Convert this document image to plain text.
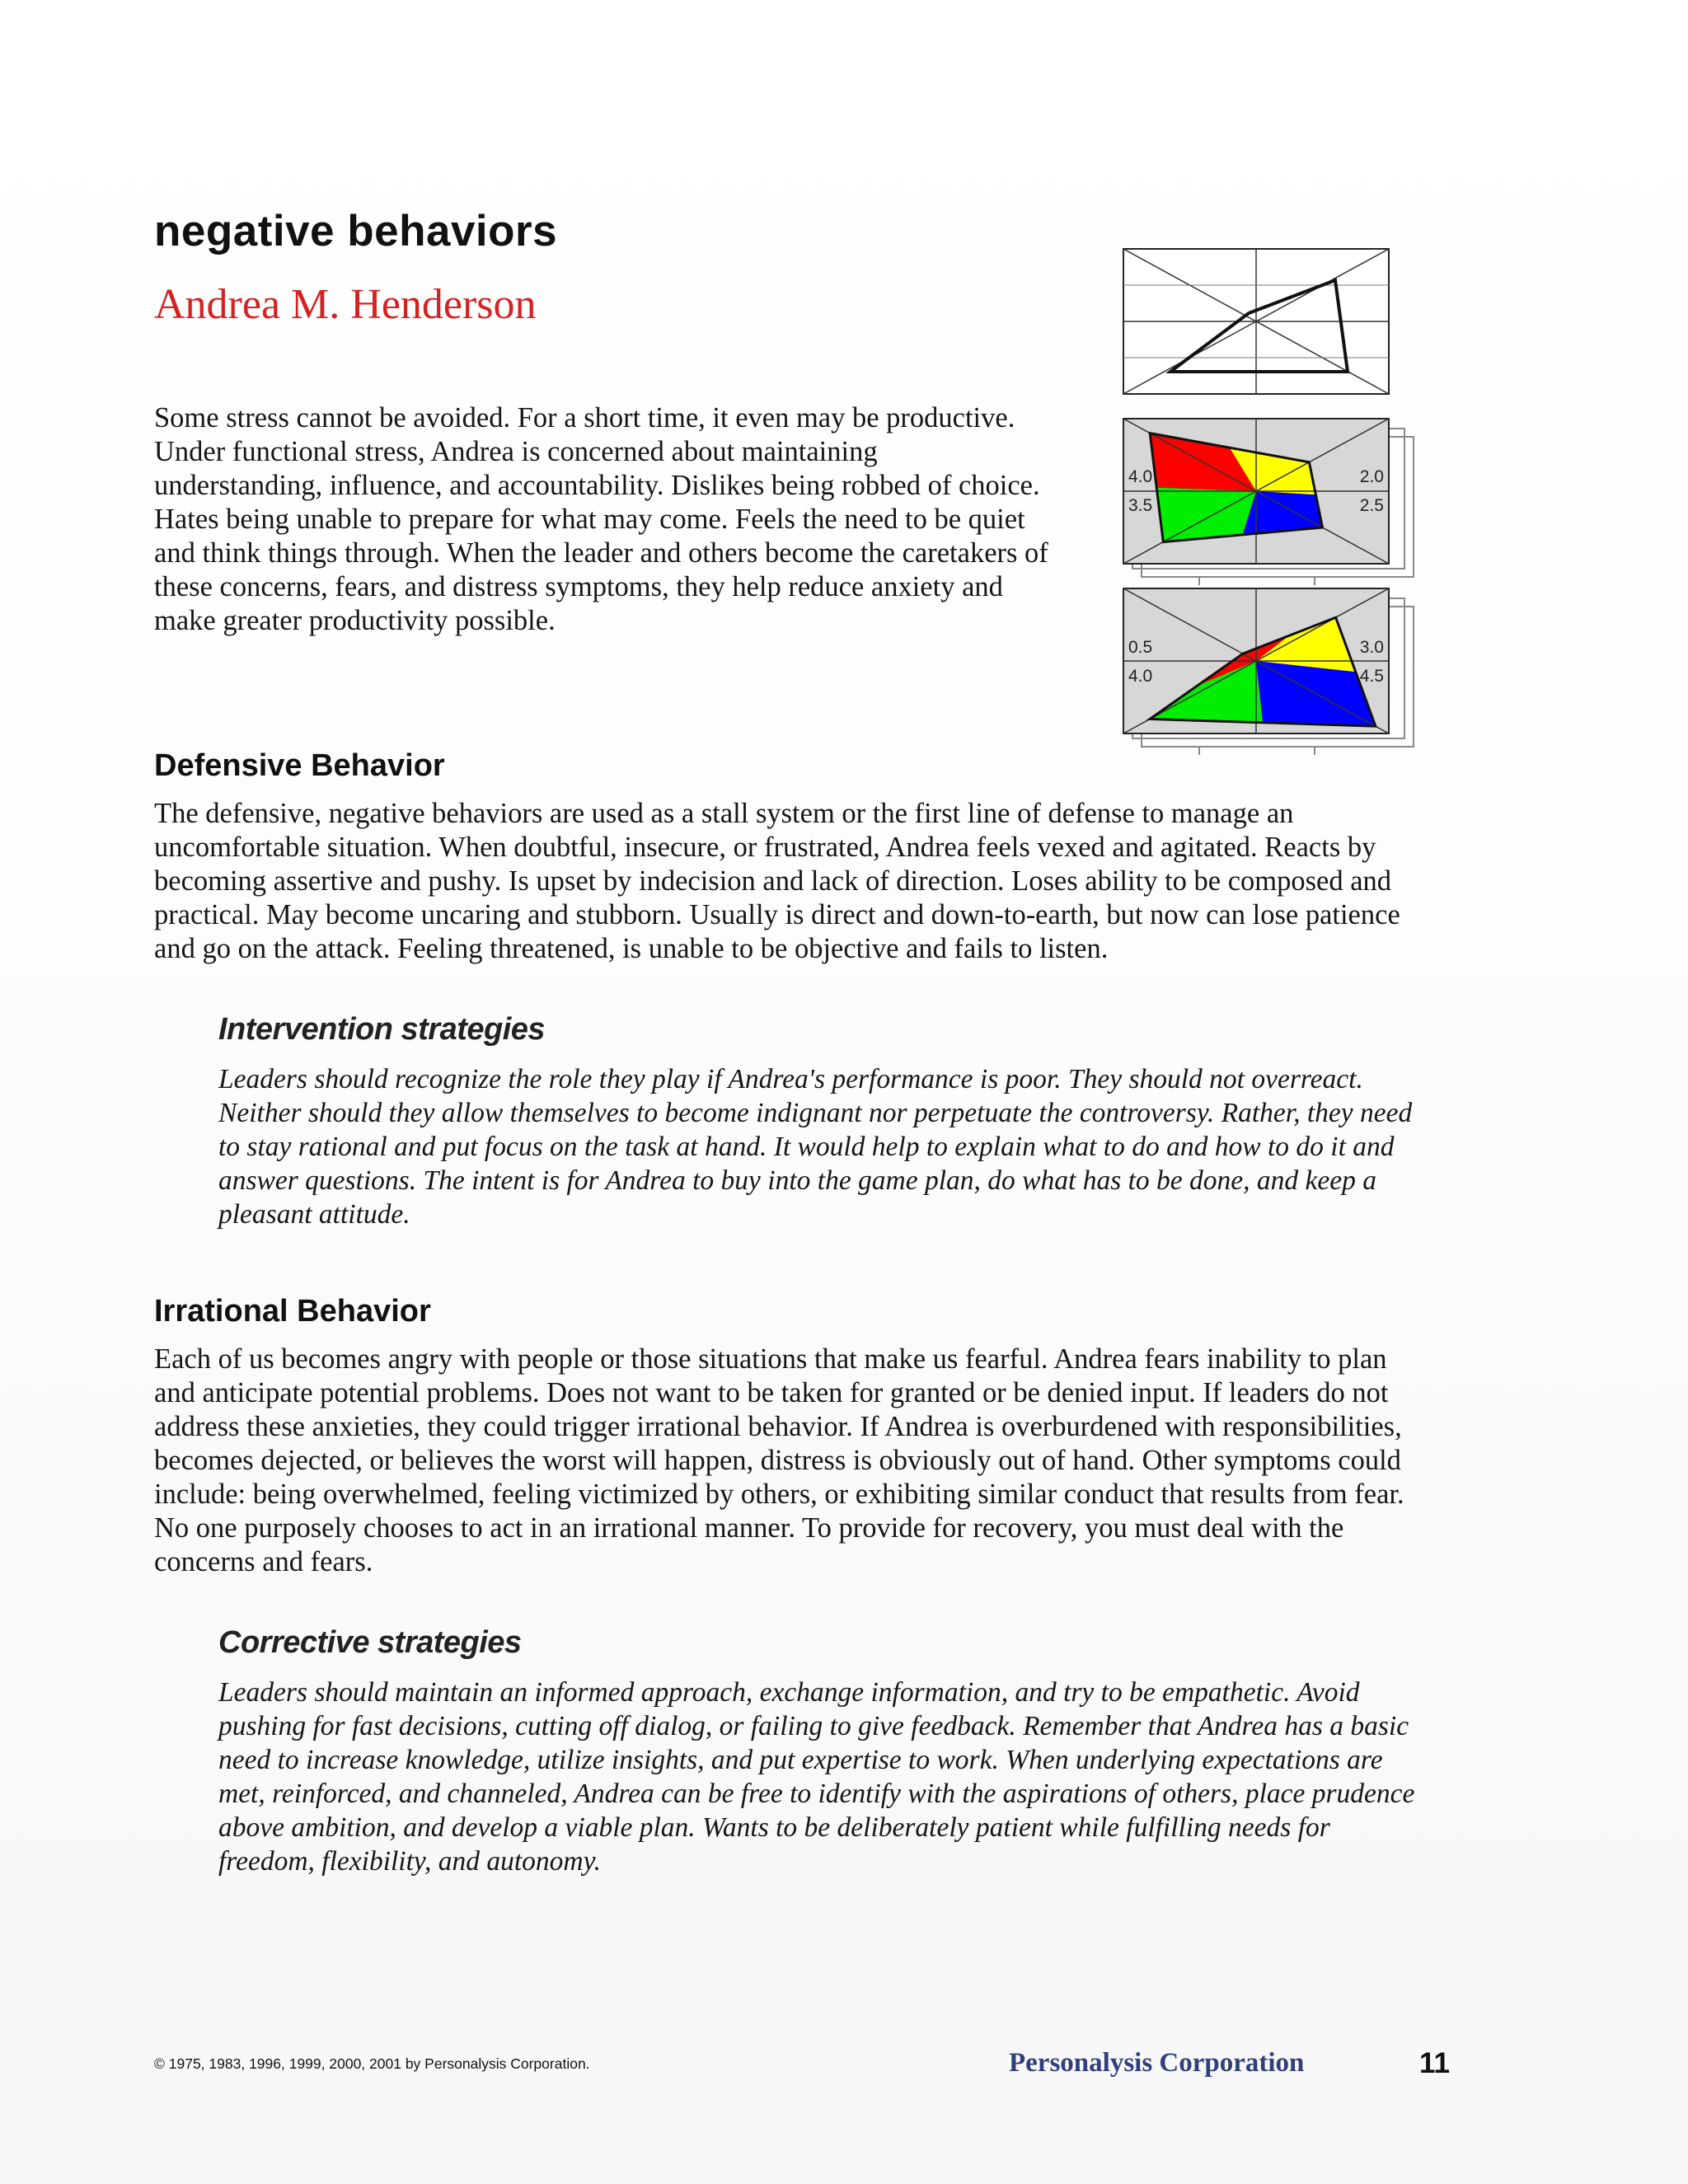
negative behaviors
Andrea M. Henderson

Some stress cannot be avoided. For a short time, it even may be productive. Under functional stress, Andrea is concerned about maintaining understanding, influence, and accountability. Dislikes being robbed of choice. Hates being unable to prepare for what may come. Feels the need to be quiet and think things through. When the leader and others become the caretakers of these concerns, fears, and distress symptoms, they help reduce anxiety and make greater productivity possible.

4.0
3.5
2.0
2.5
0.5
4.0
3.0
4.5
Defensive Behavior

The defensive, negative behaviors are used as a stall system or the first line of defense to manage an uncomfortable situation. When doubtful, insecure, or frustrated, Andrea feels vexed and agitated. Reacts by becoming assertive and pushy. Is upset by indecision and lack of direction. Loses ability to be composed and practical. May become uncaring and stubborn. Usually is direct and down-to-earth, but now can lose patience and go on the attack. Feeling threatened, is unable to be objective and fails to listen.

Intervention strategies

Leaders should recognize the role they play if Andrea's performance is poor. They should not overreact. Neither should they allow themselves to become indignant nor perpetuate the controversy. Rather, they need to stay rational and put focus on the task at hand. It would help to explain what to do and how to do it and answer questions. The intent is for Andrea to buy into the game plan, do what has to be done, and keep a pleasant attitude.

Irrational Behavior

Each of us becomes angry with people or those situations that make us fearful. Andrea fears inability to plan and anticipate potential problems. Does not want to be taken for granted or be denied input. If leaders do not address these anxieties, they could trigger irrational behavior. If Andrea is overburdened with responsibilities, becomes dejected, or believes the worst will happen, distress is obviously out of hand. Other symptoms could include: being overwhelmed, feeling victimized by others, or exhibiting similar conduct that results from fear. No one purposely chooses to act in an irrational manner. To provide for recovery, you must deal with the concerns and fears.

Corrective strategies

Leaders should maintain an informed approach, exchange information, and try to be empathetic. Avoid pushing for fast decisions, cutting off dialog, or failing to give feedback. Remember that Andrea has a basic need to increase knowledge, utilize insights, and put expertise to work. When underlying expectations are met, reinforced, and channeled, Andrea can be free to identify with the aspirations of others, place prudence above ambition, and develop a viable plan. Wants to be deliberately patient while fulfilling needs for freedom, flexibility, and autonomy.

© 1975, 1983, 1996, 1999, 2000, 2001 by Personalysis Corporation.	Personalysis Corporation	11
